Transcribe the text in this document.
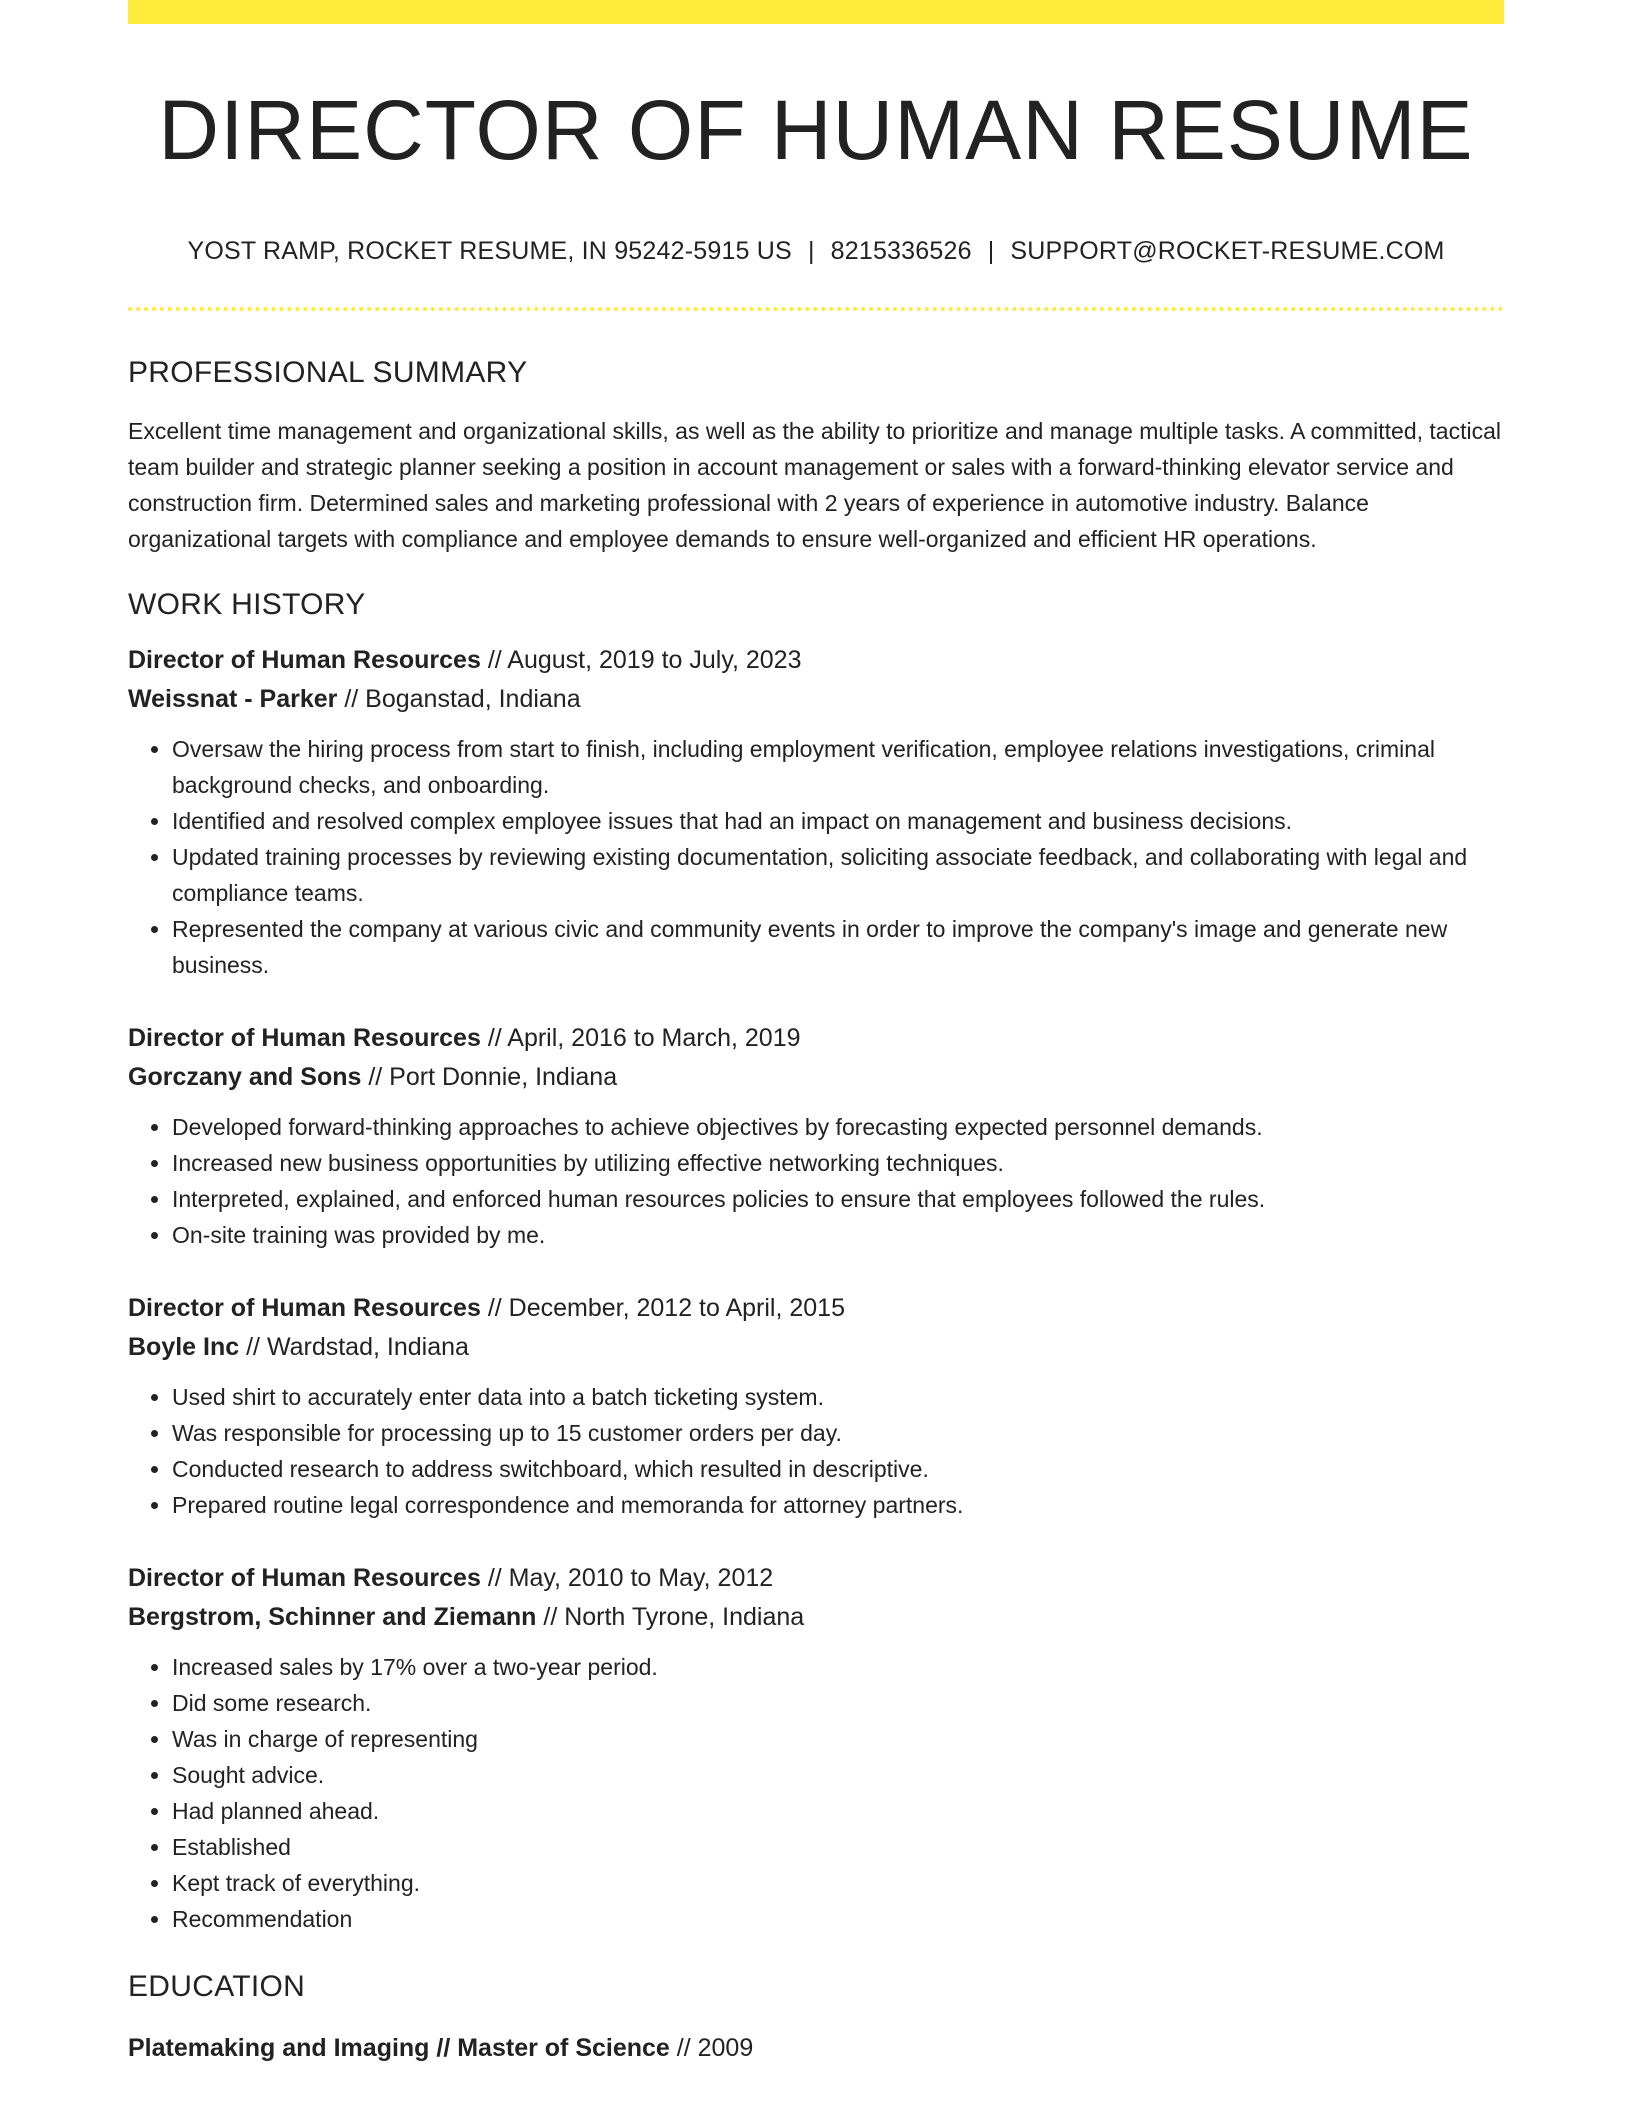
DIRECTOR OF HUMAN RESUME
YOST RAMP, ROCKET RESUME, IN 95242-5915 US | 8215336526 | SUPPORT@ROCKET-RESUME.COM
PROFESSIONAL SUMMARY
Excellent time management and organizational skills, as well as the ability to prioritize and manage multiple tasks. A committed, tactical team builder and strategic planner seeking a position in account management or sales with a forward-thinking elevator service and construction firm. Determined sales and marketing professional with 2 years of experience in automotive industry. Balance organizational targets with compliance and employee demands to ensure well-organized and efficient HR operations.
WORK HISTORY
Director of Human Resources // August, 2019 to July, 2023
Weissnat - Parker // Boganstad, Indiana
• Oversaw the hiring process from start to finish, including employment verification, employee relations investigations, criminal background checks, and onboarding.
• Identified and resolved complex employee issues that had an impact on management and business decisions.
• Updated training processes by reviewing existing documentation, soliciting associate feedback, and collaborating with legal and compliance teams.
• Represented the company at various civic and community events in order to improve the company's image and generate new business.
Director of Human Resources // April, 2016 to March, 2019
Gorczany and Sons // Port Donnie, Indiana
• Developed forward-thinking approaches to achieve objectives by forecasting expected personnel demands.
• Increased new business opportunities by utilizing effective networking techniques.
• Interpreted, explained, and enforced human resources policies to ensure that employees followed the rules.
• On-site training was provided by me.
Director of Human Resources // December, 2012 to April, 2015
Boyle Inc // Wardstad, Indiana
• Used shirt to accurately enter data into a batch ticketing system.
• Was responsible for processing up to 15 customer orders per day.
• Conducted research to address switchboard, which resulted in descriptive.
• Prepared routine legal correspondence and memoranda for attorney partners.
Director of Human Resources // May, 2010 to May, 2012
Bergstrom, Schinner and Ziemann // North Tyrone, Indiana
• Increased sales by 17% over a two-year period.
• Did some research.
• Was in charge of representing
• Sought advice.
• Had planned ahead.
• Established
• Kept track of everything.
• Recommendation
EDUCATION
Platemaking and Imaging // Master of Science // 2009
